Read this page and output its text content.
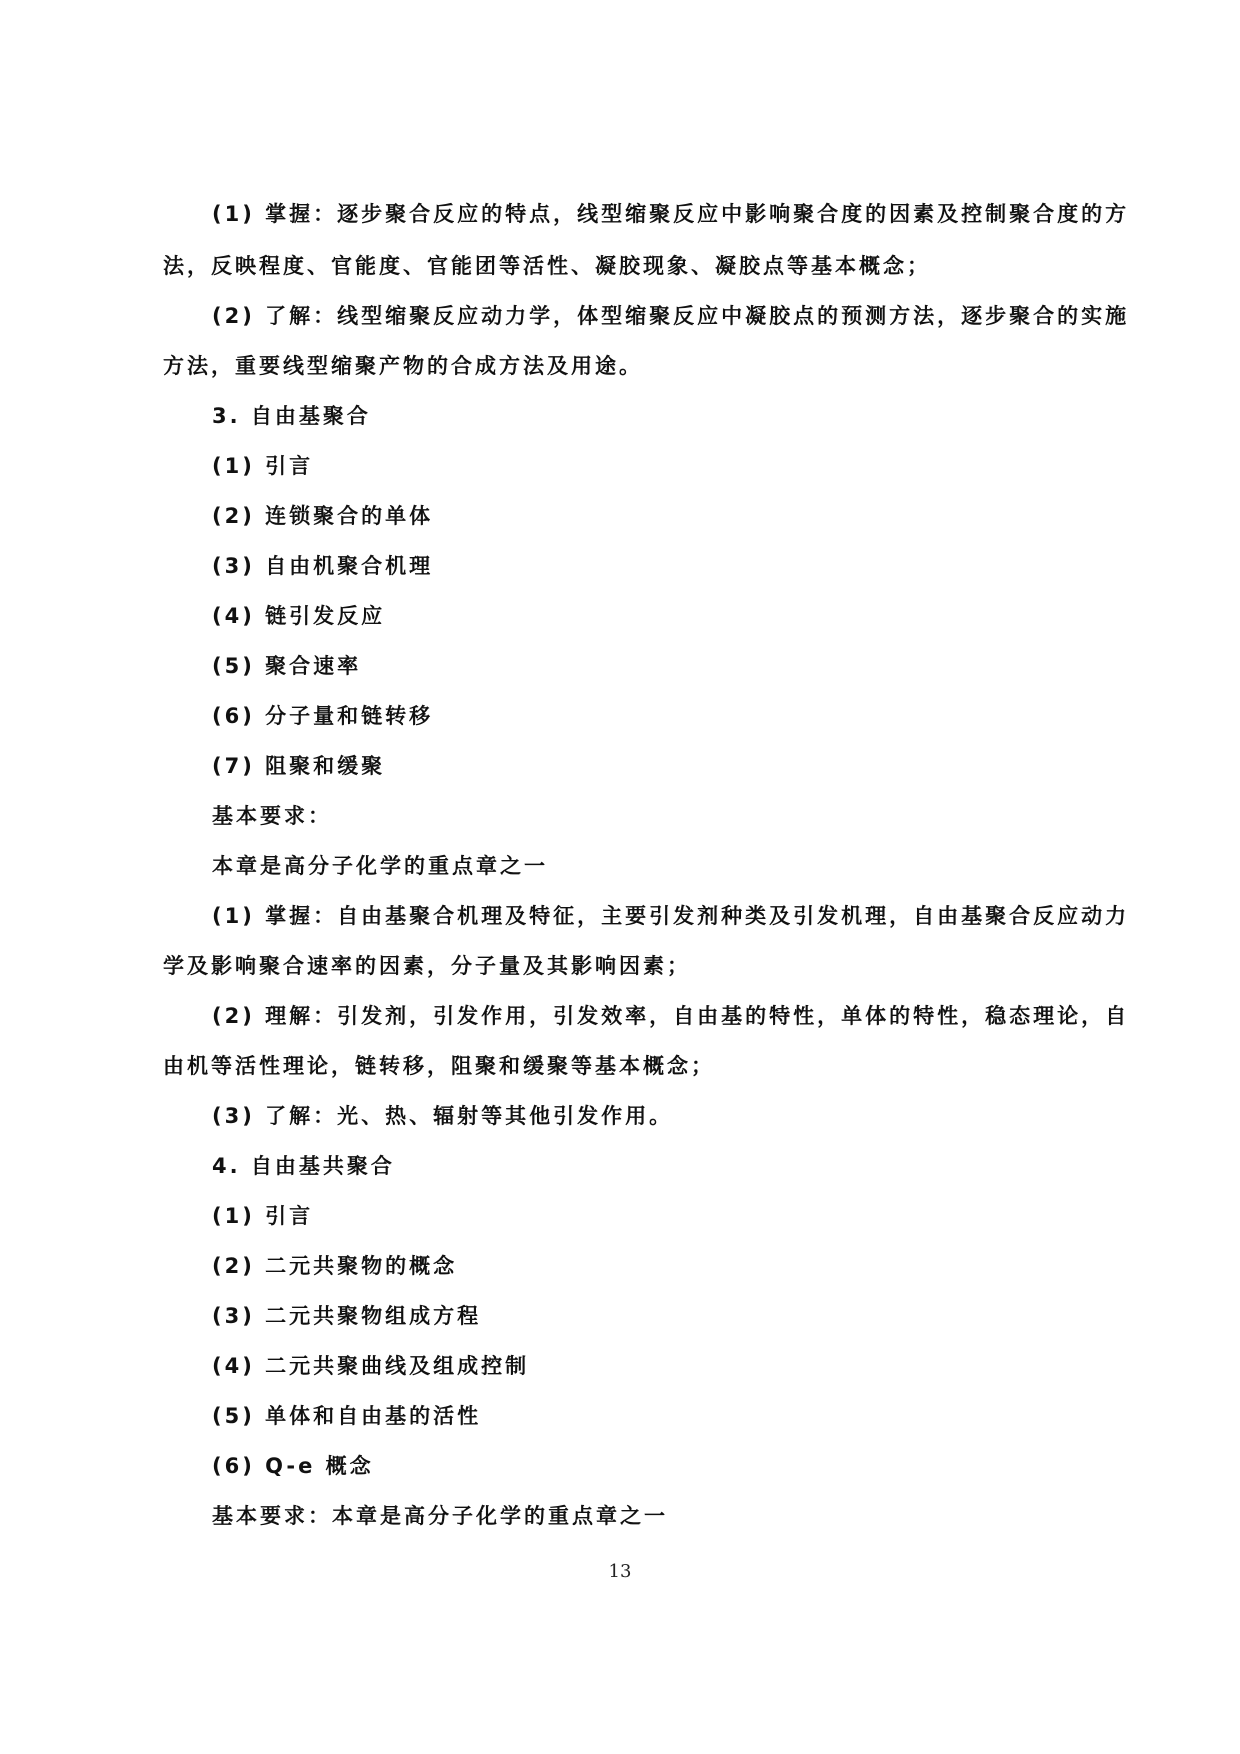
(1) 掌握：逐步聚合反应的特点，线型缩聚反应中影响聚合度的因素及控制聚合度的方
法，反映程度、官能度、官能团等活性、凝胶现象、凝胶点等基本概念；
(2) 了解：线型缩聚反应动力学，体型缩聚反应中凝胶点的预测方法，逐步聚合的实施
方法，重要线型缩聚产物的合成方法及用途。
3. 自由基聚合
(1) 引言
(2) 连锁聚合的单体
(3) 自由机聚合机理
(4) 链引发反应
(5) 聚合速率
(6) 分子量和链转移
(7) 阻聚和缓聚
基本要求：
本章是高分子化学的重点章之一
(1) 掌握：自由基聚合机理及特征，主要引发剂种类及引发机理，自由基聚合反应动力
学及影响聚合速率的因素，分子量及其影响因素；
(2) 理解：引发剂，引发作用，引发效率，自由基的特性，单体的特性，稳态理论，自
由机等活性理论，链转移，阻聚和缓聚等基本概念；
(3) 了解：光、热、辐射等其他引发作用。
4. 自由基共聚合
(1) 引言
(2) 二元共聚物的概念
(3) 二元共聚物组成方程
(4) 二元共聚曲线及组成控制
(5) 单体和自由基的活性
(6) Q-e 概念
基本要求：本章是高分子化学的重点章之一
13
